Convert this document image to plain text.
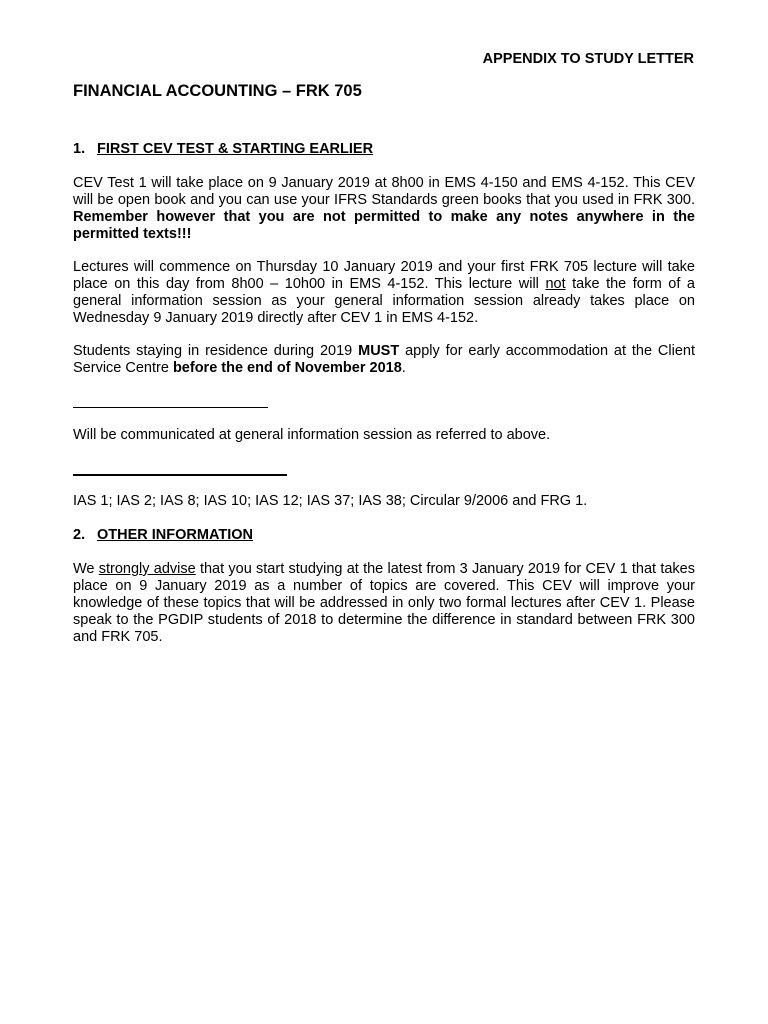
APPENDIX TO STUDY LETTER
FINANCIAL ACCOUNTING – FRK 705
1. FIRST CEV TEST & STARTING EARLIER

CEV Test 1 will take place on 9 January 2019 at 8h00 in EMS 4-150 and EMS 4-152. This CEV will be open book and you can use your IFRS Standards green books that you used in FRK 300. Remember however that you are not permitted to make any notes anywhere in the permitted texts!!!

Lectures will commence on Thursday 10 January 2019 and your first FRK 705 lecture will take place on this day from 8h00 – 10h00 in EMS 4-152. This lecture will not take the form of a general information session as your general information session already takes place on Wednesday 9 January 2019 directly after CEV 1 in EMS 4-152.

Students staying in residence during 2019 MUST apply for early accommodation at the Client Service Centre before the end of November 2018.

Will be communicated at general information session as referred to above.

IAS 1; IAS 2; IAS 8; IAS 10; IAS 12; IAS 37; IAS 38; Circular 9/2006 and FRG 1.

2. OTHER INFORMATION

We strongly advise that you start studying at the latest from 3 January 2019 for CEV 1 that takes place on 9 January 2019 as a number of topics are covered. This CEV will improve your knowledge of these topics that will be addressed in only two formal lectures after CEV 1. Please speak to the PGDIP students of 2018 to determine the difference in standard between FRK 300 and FRK 705.
